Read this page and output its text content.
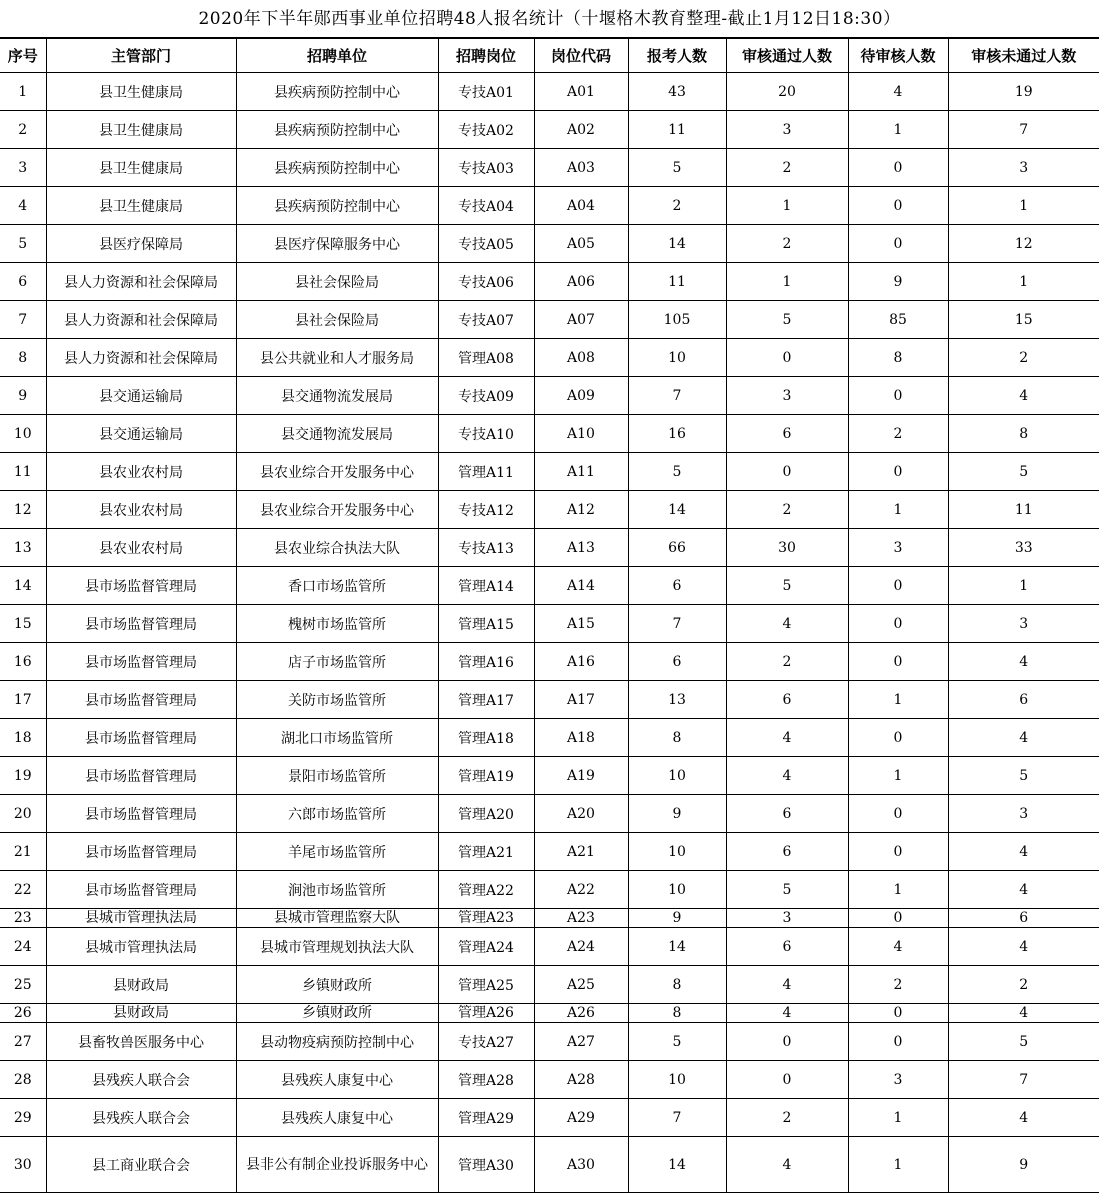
2020年下半年郧西事业单位招聘48人报名统计（十堰格木教育整理-截止1月12日18:30）
序号	主管部门	招聘单位	招聘岗位	岗位代码	报考人数	审核通过人数	待审核人数	审核未通过人数
1	县卫生健康局	县疾病预防控制中心	专技A01	A01	43	20	4	19
2	县卫生健康局	县疾病预防控制中心	专技A02	A02	11	3	1	7
3	县卫生健康局	县疾病预防控制中心	专技A03	A03	5	2	0	3
4	县卫生健康局	县疾病预防控制中心	专技A04	A04	2	1	0	1
5	县医疗保障局	县医疗保障服务中心	专技A05	A05	14	2	0	12
6	县人力资源和社会保障局	县社会保险局	专技A06	A06	11	1	9	1
7	县人力资源和社会保障局	县社会保险局	专技A07	A07	105	5	85	15
8	县人力资源和社会保障局	县公共就业和人才服务局	管理A08	A08	10	0	8	2
9	县交通运输局	县交通物流发展局	专技A09	A09	7	3	0	4
10	县交通运输局	县交通物流发展局	专技A10	A10	16	6	2	8
11	县农业农村局	县农业综合开发服务中心	管理A11	A11	5	0	0	5
12	县农业农村局	县农业综合开发服务中心	专技A12	A12	14	2	1	11
13	县农业农村局	县农业综合执法大队	专技A13	A13	66	30	3	33
14	县市场监督管理局	香口市场监管所	管理A14	A14	6	5	0	1
15	县市场监督管理局	槐树市场监管所	管理A15	A15	7	4	0	3
16	县市场监督管理局	店子市场监管所	管理A16	A16	6	2	0	4
17	县市场监督管理局	关防市场监管所	管理A17	A17	13	6	1	6
18	县市场监督管理局	湖北口市场监管所	管理A18	A18	8	4	0	4
19	县市场监督管理局	景阳市场监管所	管理A19	A19	10	4	1	5
20	县市场监督管理局	六郎市场监管所	管理A20	A20	9	6	0	3
21	县市场监督管理局	羊尾市场监管所	管理A21	A21	10	6	0	4
22	县市场监督管理局	涧池市场监管所	管理A22	A22	10	5	1	4
23	县城市管理执法局	县城市管理监察大队	管理A23	A23	9	3	0	6
24	县城市管理执法局	县城市管理规划执法大队	管理A24	A24	14	6	4	4
25	县财政局	乡镇财政所	管理A25	A25	8	4	2	2
26	县财政局	乡镇财政所	管理A26	A26	8	4	0	4
27	县畜牧兽医服务中心	县动物疫病预防控制中心	专技A27	A27	5	0	0	5
28	县残疾人联合会	县残疾人康复中心	管理A28	A28	10	0	3	7
29	县残疾人联合会	县残疾人康复中心	管理A29	A29	7	2	1	4
30	县工商业联合会	县非公有制企业投诉服务中心	管理A30	A30	14	4	1	9
